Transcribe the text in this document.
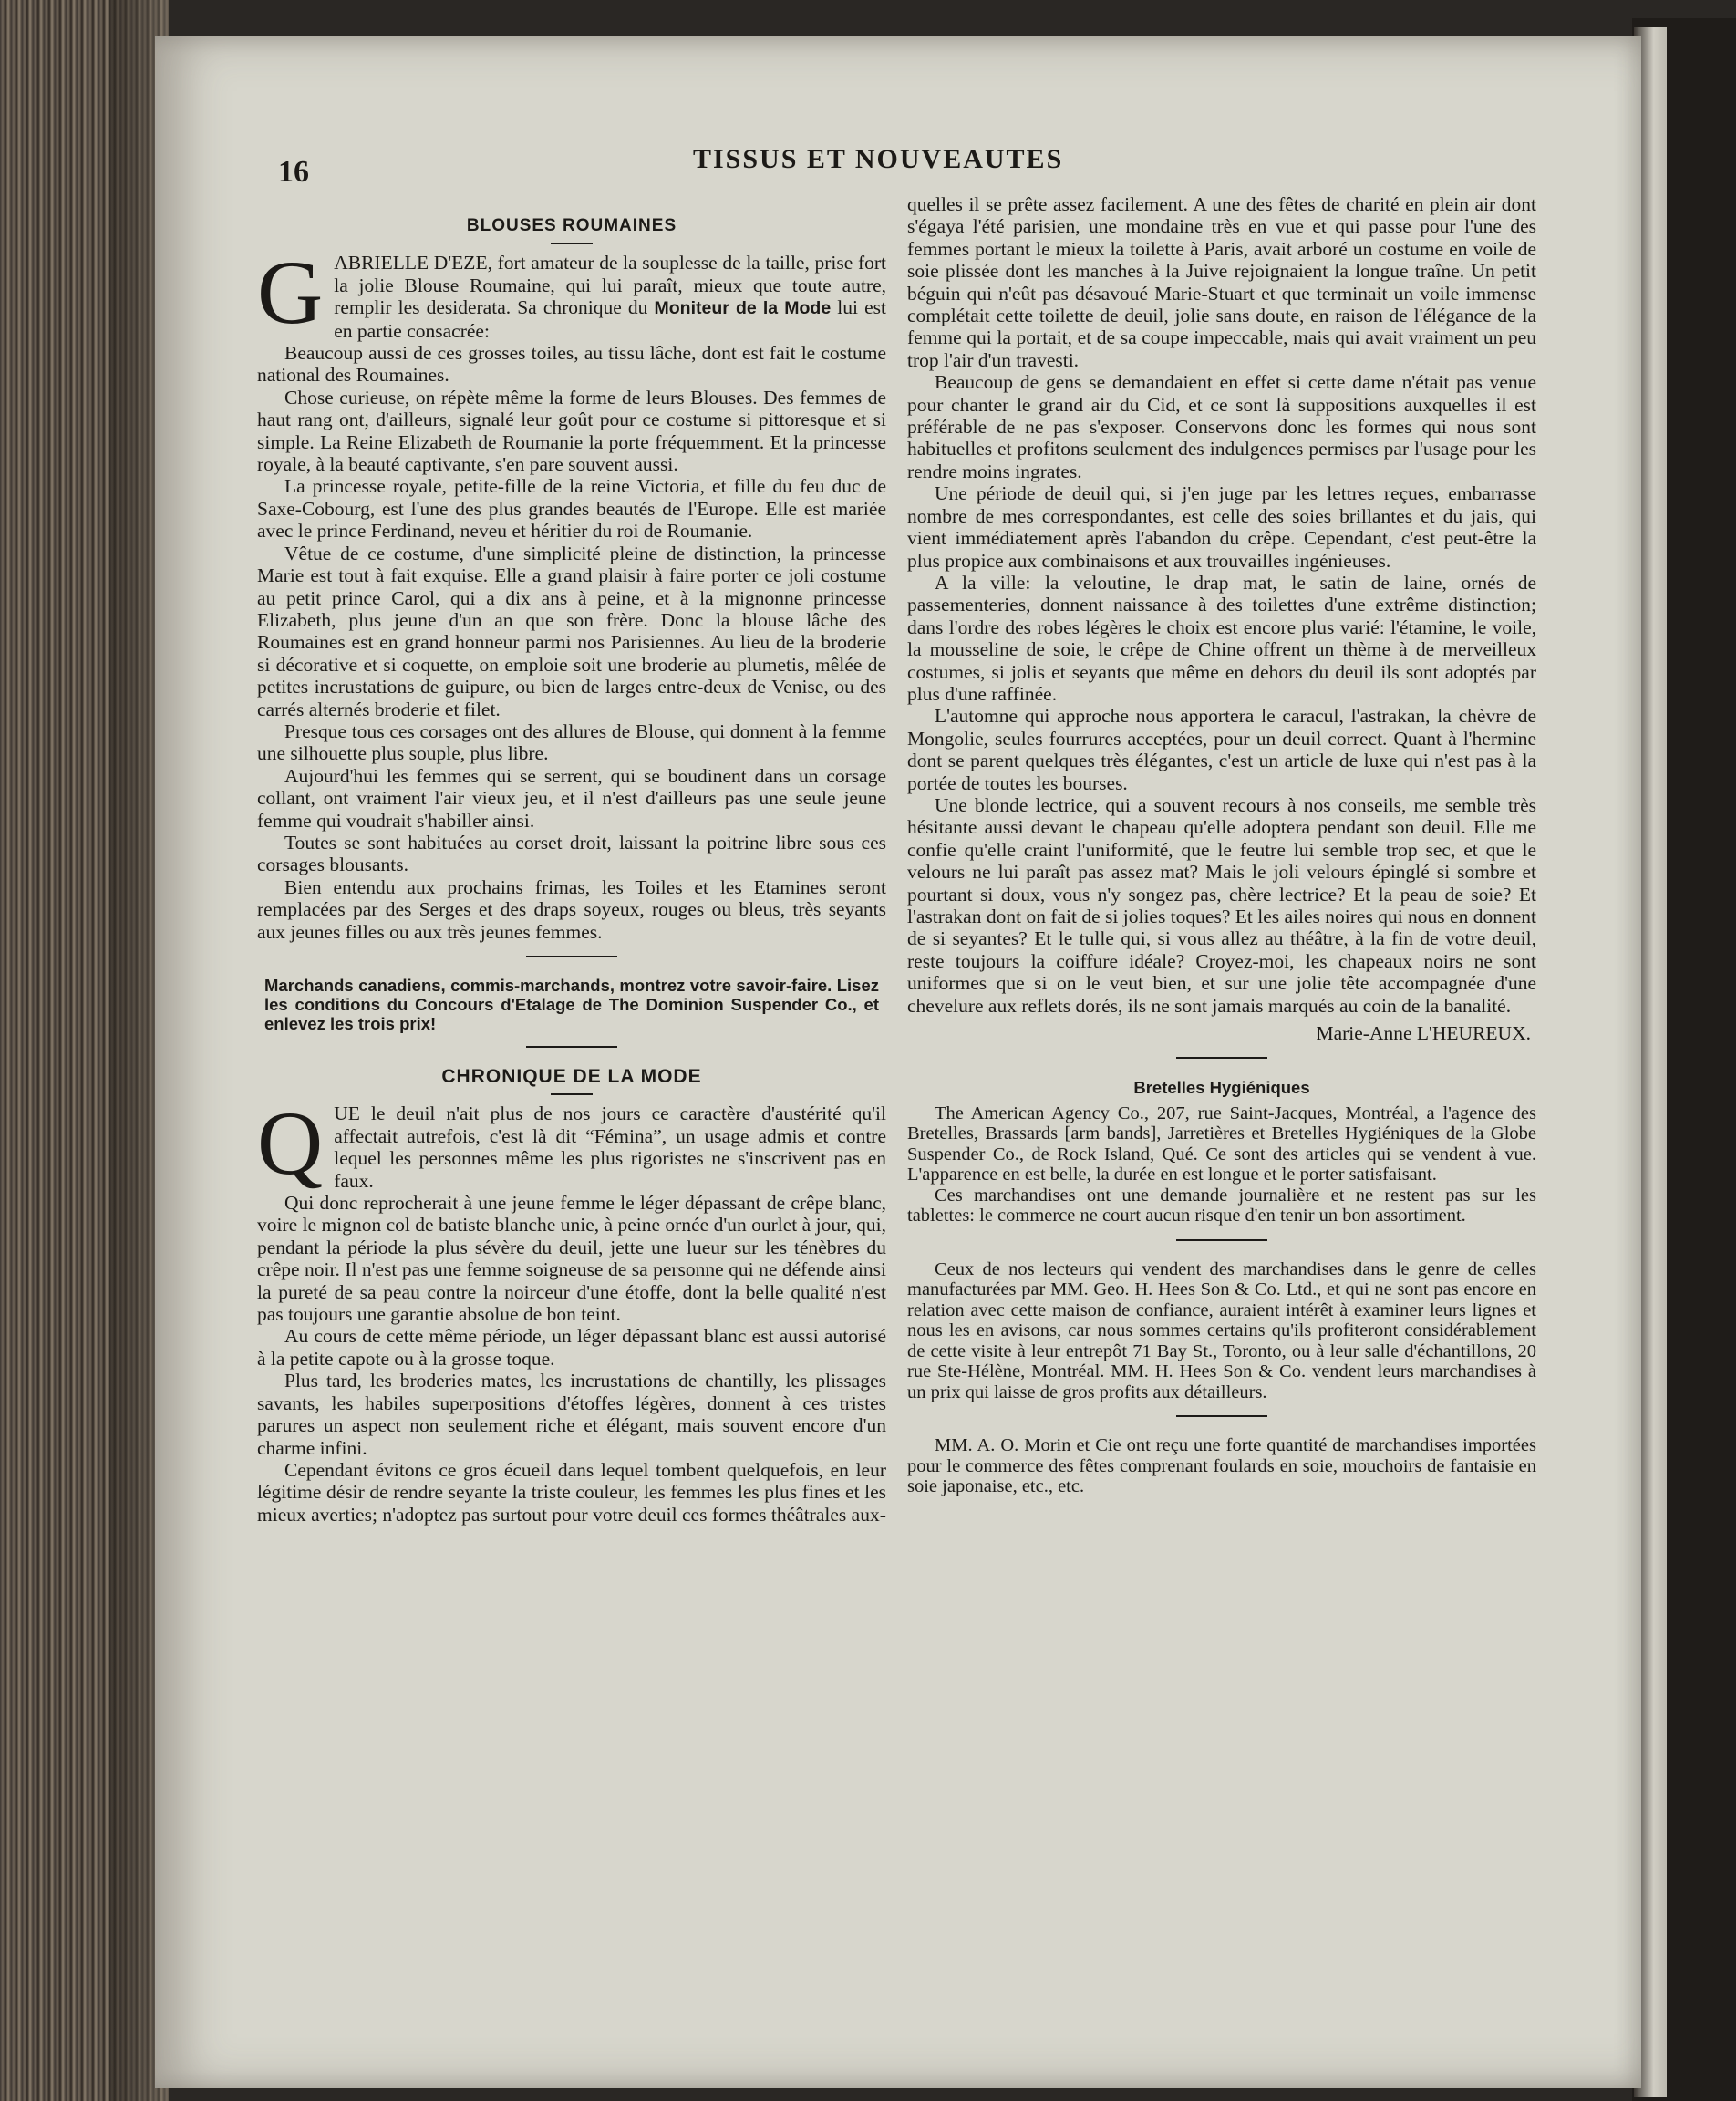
16	TISSUS ET NOUVEAUTES
BLOUSES ROUMAINES

GABRIELLE D'EZE, fort amateur de la souplesse de la taille, prise fort la jolie Blouse Roumaine, qui lui paraît, mieux que toute autre, remplir les desiderata. Sa chronique du Moniteur de la Mode lui est en partie consacrée:

Beaucoup aussi de ces grosses toiles, au tissu lâche, dont est fait le costume national des Roumaines.

Chose curieuse, on répète même la forme de leurs Blouses. Des femmes de haut rang ont, d'ailleurs, signalé leur goût pour ce costume si pittoresque et si simple. La Reine Elizabeth de Roumanie la porte fréquemment. Et la princesse royale, à la beauté captivante, s'en pare souvent aussi.

La princesse royale, petite-fille de la reine Victoria, et fille du feu duc de Saxe-Cobourg, est l'une des plus grandes beautés de l'Europe. Elle est mariée avec le prince Ferdinand, neveu et héritier du roi de Roumanie.

Vêtue de ce costume, d'une simplicité pleine de distinction, la princesse Marie est tout à fait exquise. Elle a grand plaisir à faire porter ce joli costume au petit prince Carol, qui a dix ans à peine, et à la mignonne princesse Elizabeth, plus jeune d'un an que son frère. Donc la blouse lâche des Roumaines est en grand honneur parmi nos Parisiennes. Au lieu de la broderie si décorative et si coquette, on emploie soit une broderie au plumetis, mêlée de petites incrustations de guipure, ou bien de larges entre-deux de Venise, ou des carrés alternés broderie et filet.

Presque tous ces corsages ont des allures de Blouse, qui donnent à la femme une silhouette plus souple, plus libre.

Aujourd'hui les femmes qui se serrent, qui se boudinent dans un corsage collant, ont vraiment l'air vieux jeu, et il n'est d'ailleurs pas une seule jeune femme qui voudrait s'habiller ainsi.

Toutes se sont habituées au corset droit, laissant la poitrine libre sous ces corsages blousants.

Bien entendu aux prochains frimas, les Toiles et les Etamines seront remplacées par des Serges et des draps soyeux, rouges ou bleus, très seyants aux jeunes filles ou aux très jeunes femmes.

Marchands canadiens, commis-marchands, montrez votre savoir-faire. Lisez les conditions du Concours d'Etalage de The Dominion Suspender Co., et enlevez les trois prix!
CHRONIQUE DE LA MODE

QUE le deuil n'ait plus de nos jours ce caractère d'austérité qu'il affectait autrefois, c'est là dit “Fémina”, un usage admis et contre lequel les personnes même les plus rigoristes ne s'inscrivent pas en faux.

Qui donc reprocherait à une jeune femme le léger dépassant de crêpe blanc, voire le mignon col de batiste blanche unie, à peine ornée d'un ourlet à jour, qui, pendant la période la plus sévère du deuil, jette une lueur sur les ténèbres du crêpe noir. Il n'est pas une femme soigneuse de sa personne qui ne défende ainsi la pureté de sa peau contre la noirceur d'une étoffe, dont la belle qualité n'est pas toujours une garantie absolue de bon teint.

Au cours de cette même période, un léger dépassant blanc est aussi autorisé à la petite capote ou à la grosse toque.

Plus tard, les broderies mates, les incrustations de chantilly, les plissages savants, les habiles superpositions d'étoffes légères, donnent à ces tristes parures un aspect non seulement riche et élégant, mais souvent encore d'un charme infini.

Cependant évitons ce gros écueil dans lequel tombent quelquefois, en leur légitime désir de rendre seyante la triste couleur, les femmes les plus fines et les mieux averties; n'adoptez pas surtout pour votre deuil ces formes théâtrales aux-

quelles il se prête assez facilement. A une des fêtes de charité en plein air dont s'égaya l'été parisien, une mondaine très en vue et qui passe pour l'une des femmes portant le mieux la toilette à Paris, avait arboré un costume en voile de soie plissée dont les manches à la Juive rejoignaient la longue traîne. Un petit béguin qui n'eût pas désavoué Marie-Stuart et que terminait un voile immense complétait cette toilette de deuil, jolie sans doute, en raison de l'élégance de la femme qui la portait, et de sa coupe impeccable, mais qui avait vraiment un peu trop l'air d'un travesti.

Beaucoup de gens se demandaient en effet si cette dame n'était pas venue pour chanter le grand air du Cid, et ce sont là suppositions auxquelles il est préférable de ne pas s'exposer. Conservons donc les formes qui nous sont habituelles et profitons seulement des indulgences permises par l'usage pour les rendre moins ingrates.

Une période de deuil qui, si j'en juge par les lettres reçues, embarrasse nombre de mes correspondantes, est celle des soies brillantes et du jais, qui vient immédiatement après l'abandon du crêpe. Cependant, c'est peut-être la plus propice aux combinaisons et aux trouvailles ingénieuses.

A la ville: la veloutine, le drap mat, le satin de laine, ornés de passementeries, donnent naissance à des toilettes d'une extrême distinction; dans l'ordre des robes légères le choix est encore plus varié: l'étamine, le voile, la mousseline de soie, le crêpe de Chine offrent un thème à de merveilleux costumes, si jolis et seyants que même en dehors du deuil ils sont adoptés par plus d'une raffinée.

L'automne qui approche nous apportera le caracul, l'astrakan, la chèvre de Mongolie, seules fourrures acceptées, pour un deuil correct. Quant à l'hermine dont se parent quelques très élégantes, c'est un article de luxe qui n'est pas à la portée de toutes les bourses.

Une blonde lectrice, qui a souvent recours à nos conseils, me semble très hésitante aussi devant le chapeau qu'elle adoptera pendant son deuil. Elle me confie qu'elle craint l'uniformité, que le feutre lui semble trop sec, et que le velours ne lui paraît pas assez mat? Mais le joli velours épinglé si sombre et pourtant si doux, vous n'y songez pas, chère lectrice? Et la peau de soie? Et l'astrakan dont on fait de si jolies toques? Et les ailes noires qui nous en donnent de si seyantes? Et le tulle qui, si vous allez au théâtre, à la fin de votre deuil, reste toujours la coiffure idéale? Croyez-moi, les chapeaux noirs ne sont uniformes que si on le veut bien, et sur une jolie tête accompagnée d'une chevelure aux reflets dorés, ils ne sont jamais marqués au coin de la banalité.

Marie-Anne L'HEUREUX.
Bretelles Hygiéniques

The American Agency Co., 207, rue Saint-Jacques, Montréal, a l'agence des Bretelles, Brassards [arm bands], Jarretières et Bretelles Hygiéniques de la Globe Suspender Co., de Rock Island, Qué. Ce sont des articles qui se vendent à vue. L'apparence en est belle, la durée en est longue et le porter satisfaisant.

Ces marchandises ont une demande journalière et ne restent pas sur les tablettes: le commerce ne court aucun risque d'en tenir un bon assortiment.

Ceux de nos lecteurs qui vendent des marchandises dans le genre de celles manufacturées par MM. Geo. H. Hees Son & Co. Ltd., et qui ne sont pas encore en relation avec cette maison de confiance, auraient intérêt à examiner leurs lignes et nous les en avisons, car nous sommes certains qu'ils profiteront considérablement de cette visite à leur entrepôt 71 Bay St., Toronto, ou à leur salle d'échantillons, 20 rue Ste-Hélène, Montréal. MM. H. Hees Son & Co. vendent leurs marchandises à un prix qui laisse de gros profits aux détailleurs.

MM. A. O. Morin et Cie ont reçu une forte quantité de marchandises importées pour le commerce des fêtes comprenant foulards en soie, mouchoirs de fantaisie en soie japonaise, etc., etc.
